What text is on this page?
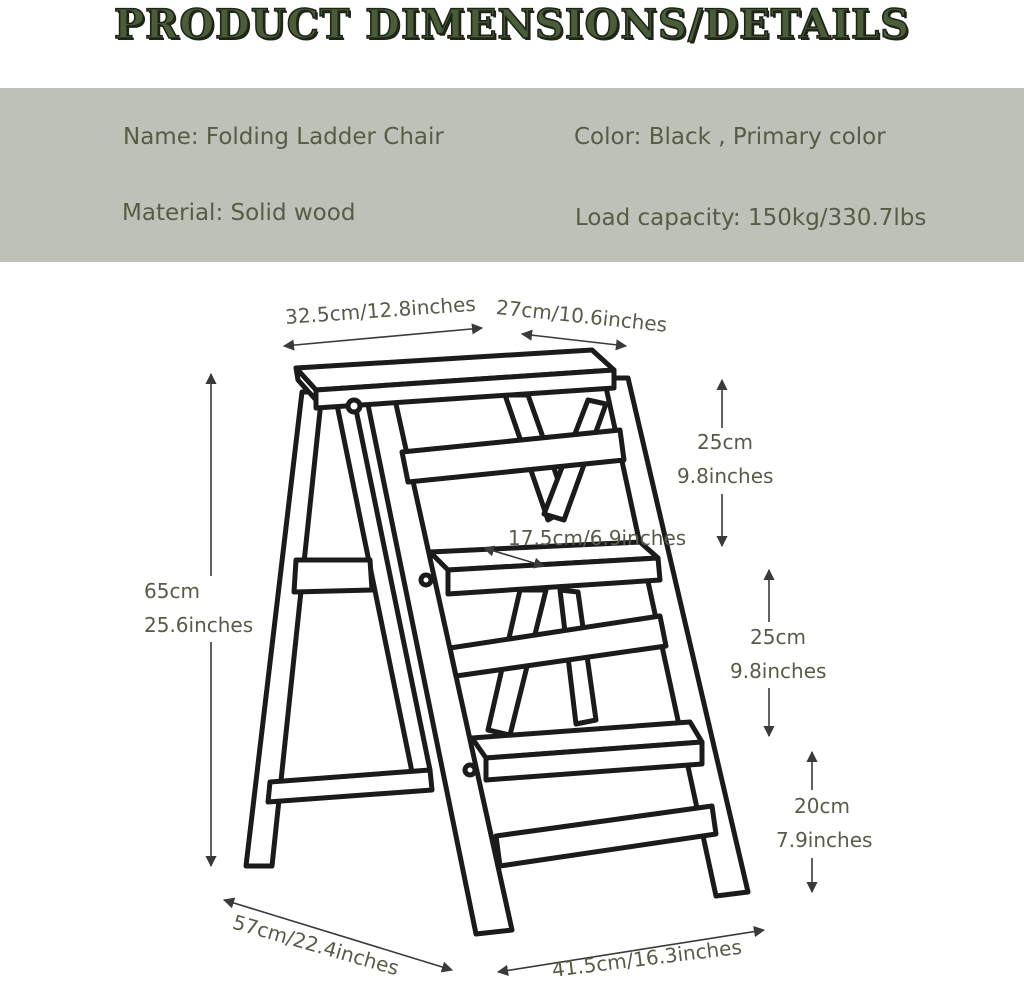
PRODUCT DIMENSIONS/DETAILS
Name: Folding Ladder Chair	Color: Black , Primary color
Material: Solid wood	Load capacity: 150kg/330.7lbs
32.5cm/12.8inches 27cm/10.6inches
65cm
25.6inches
25cm
9.8inches
25cm
9.8inches
20cm
7.9inches
17.5cm/6.9inches
57cm/22.4inches	41.5cm/16.3inches
